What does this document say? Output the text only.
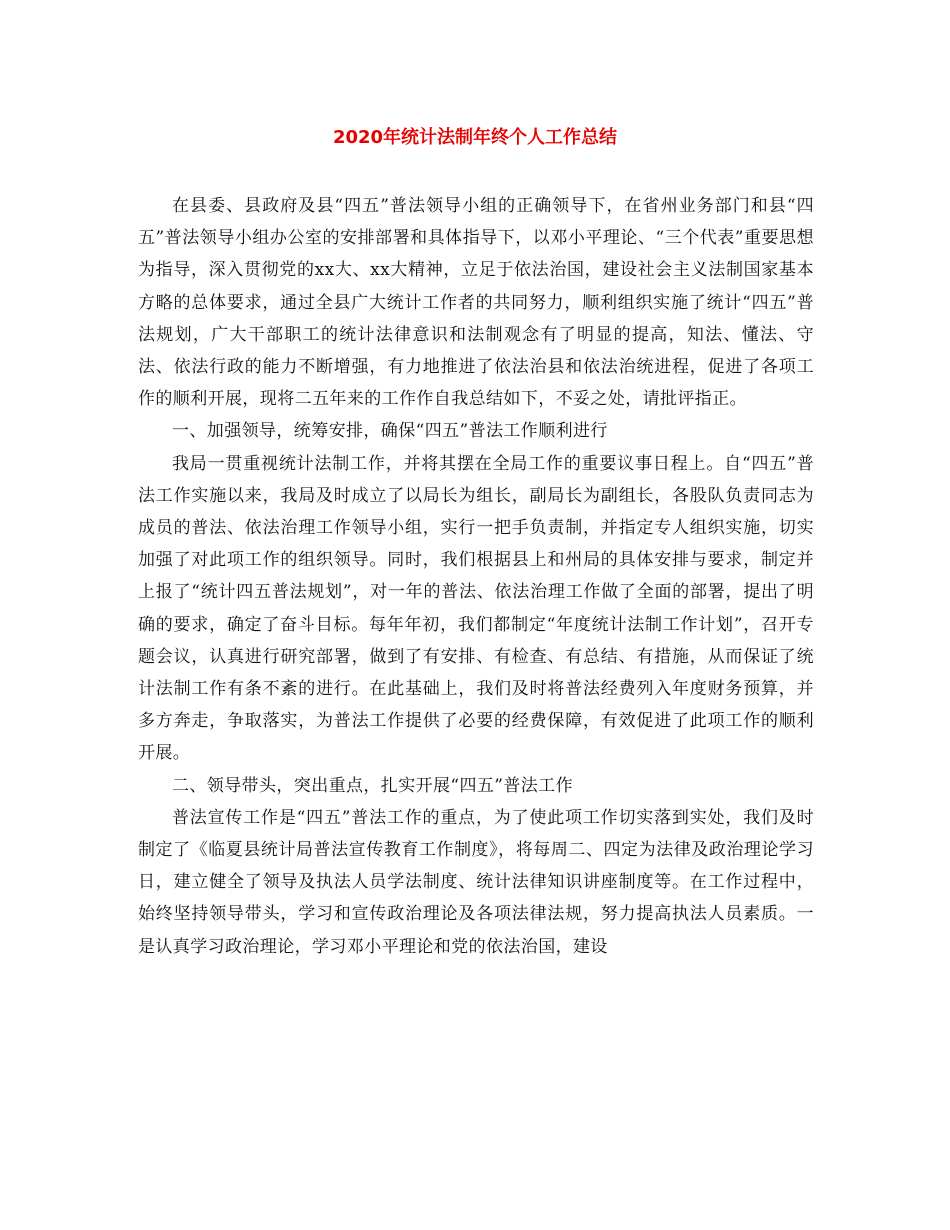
2020年统计法制年终个人工作总结

在县委、县政府及县“四五”普法领导小组的正确领导下，在省州业务部门和县“四五”普法领导小组办公室的安排部署和具体指导下，以邓小平理论、“三个代表”重要思想为指导，深入贯彻党的xx大、xx大精神，立足于依法治国，建设社会主义法制国家基本方略的总体要求，通过全县广大统计工作者的共同努力，顺利组织实施了统计“四五”普法规划，广大干部职工的统计法律意识和法制观念有了明显的提高，知法、懂法、守法、依法行政的能力不断增强，有力地推进了依法治县和依法治统进程，促进了各项工作的顺利开展，现将二五年来的工作作自我总结如下，不妥之处，请批评指正。

一、加强领导，统筹安排，确保“四五”普法工作顺利进行

我局一贯重视统计法制工作，并将其摆在全局工作的重要议事日程上。自“四五”普法工作实施以来，我局及时成立了以局长为组长，副局长为副组长，各股队负责同志为成员的普法、依法治理工作领导小组，实行一把手负责制，并指定专人组织实施，切实加强了对此项工作的组织领导。同时，我们根据县上和州局的具体安排与要求，制定并上报了“统计四五普法规划”，对一年的普法、依法治理工作做了全面的部署，提出了明确的要求，确定了奋斗目标。每年年初，我们都制定“年度统计法制工作计划”，召开专题会议，认真进行研究部署，做到了有安排、有检查、有总结、有措施，从而保证了统计法制工作有条不紊的进行。在此基础上，我们及时将普法经费列入年度财务预算，并多方奔走，争取落实，为普法工作提供了必要的经费保障，有效促进了此项工作的顺利开展。

二、领导带头，突出重点，扎实开展“四五”普法工作

普法宣传工作是“四五”普法工作的重点，为了使此项工作切实落到实处，我们及时制定了《临夏县统计局普法宣传教育工作制度》，将每周二、四定为法律及政治理论学习日，建立健全了领导及执法人员学法制度、统计法律知识讲座制度等。在工作过程中，始终坚持领导带头，学习和宣传政治理论及各项法律法规，努力提高执法人员素质。一是认真学习政治理论，学习邓小平理论和党的依法治国，建设
